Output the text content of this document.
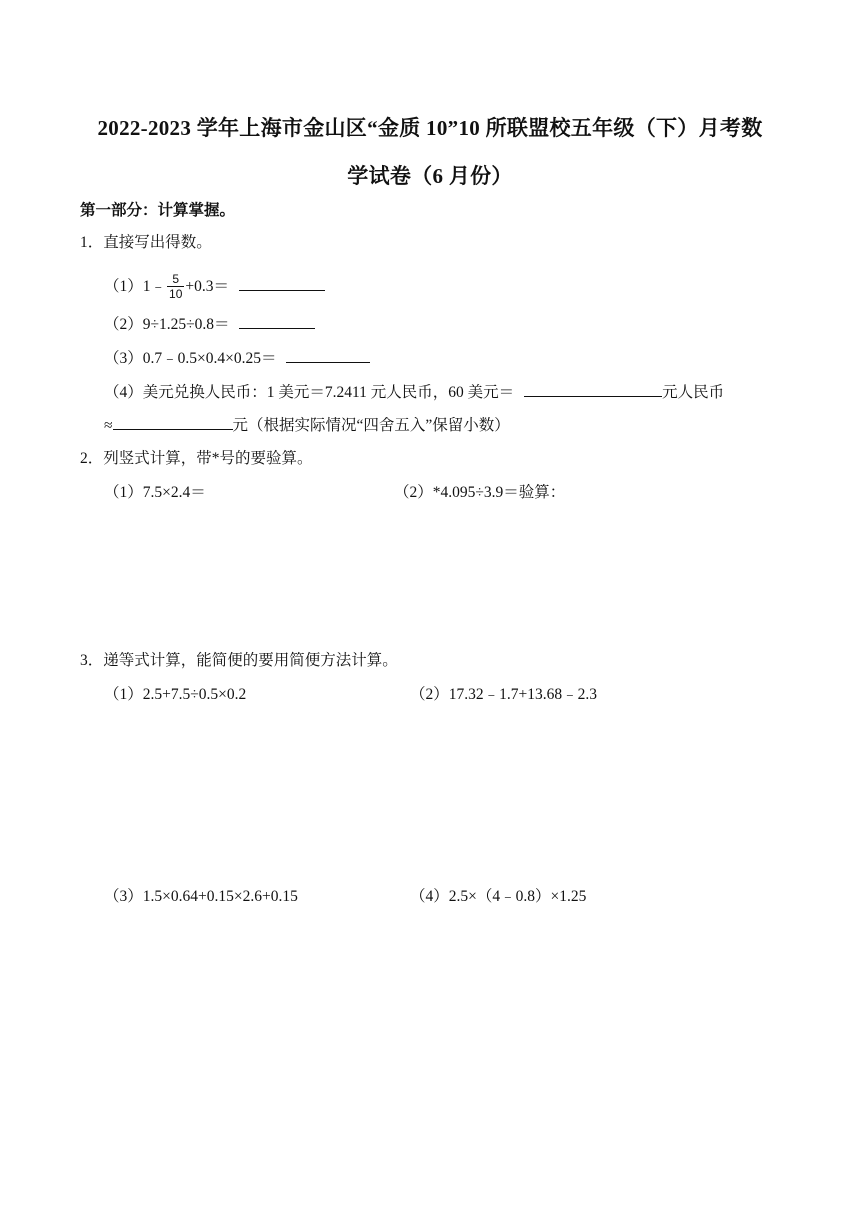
2022-2023 学年上海市金山区“金质 10”10 所联盟校五年级（下）月考数
学试卷（6 月份）
第一部分：计算掌握。
1．直接写出得数。
（1）1﹣ $\frac{5}{10} +0.3=$
（2）9÷1.25÷0.8＝
（3）0.7﹣0.5×0.4×0.25＝
（4）美元兑换人民币：1 美元＝7.2411 元人民币，60 美元＝	元人民币
≈	元（根据实际情况“四舍五入”保留小数）
2．列竖式计算，带*号的要验算。
（1）7.5×2.4＝	（2）*4.095÷3.9＝验算：
3．递等式计算，能简便的要用简便方法计算。
（1）2.5+7.5÷0.5×0.2	（2）17.32﹣1.7+13.68﹣2.3
（3）1.5×0.64+0.15×2.6+0.15	（4）2.5×（4﹣0.8）×1.25
